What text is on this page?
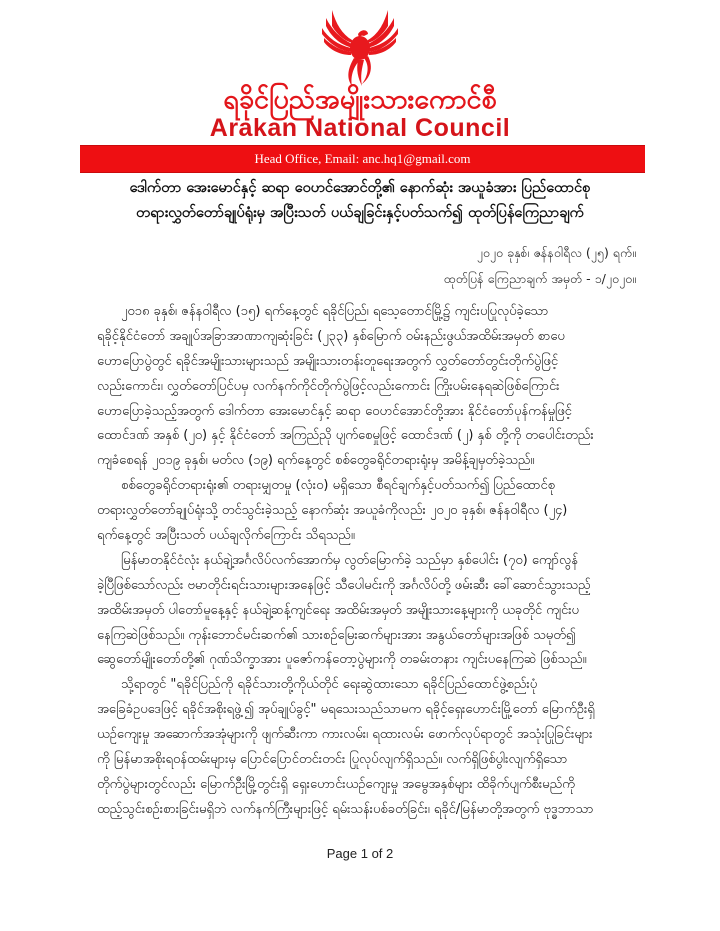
ရခိုင်ပြည်အမျိုးသားကောင်စီ
Arakan National Council
Head Office, Email: anc.hq1@gmail.com
ဒေါက်တာ အေးမောင်နှင့် ဆရာ ဝေဟင်အောင်တို့၏ နောက်ဆုံး အယူခံအား ပြည်ထောင်စု
တရားလွှတ်တော်ချုပ်ရုံးမှ အပြီးသတ် ပယ်ချခြင်းနှင့်ပတ်သက်၍ ထုတ်ပြန်ကြေညာချက်
၂၀၂၀ ခုနှစ်၊ ဇန်နဝါရီလ (၂၅) ရက်။
ထုတ်ပြန် ကြေညာချက် အမှတ် - ၁/၂၀၂၀။
၂၀၁၈ ခုနှစ်၊ ဇန်နဝါရီလ (၁၅) ရက်နေ့တွင် ရခိုင်ပြည်၊ ရသေ့တောင်မြို့၌ ကျင်းပပြုလုပ်ခဲ့သော
ရခိုင့်နိုင်ငံတော် အချုပ်အခြာအာဏာကျဆုံးခြင်း (၂၃၃) နှစ်မြောက် ဝမ်းနည်းဖွယ်အထိမ်းအမှတ် စာပေ
ဟောပြောပွဲတွင် ရခိုင်အမျိုးသားများသည် အမျိုးသားတန်းတူရေးအတွက် လွှတ်တော်တွင်းတိုက်ပွဲဖြင့်
လည်းကောင်း၊ လွှတ်တော်ပြင်ပမှ လက်နက်ကိုင်တိုက်ပွဲဖြင့်လည်းကောင်း ကြိုးပမ်းနေရဆဲဖြစ်ကြောင်း
ဟောပြောခဲ့သည့်အတွက် ဒေါက်တာ အေးမောင်နှင့် ဆရာ ဝေဟင်အောင်တို့အား နိုင်ငံတော်ပုန်ကန်မှုဖြင့်
ထောင်ဒဏ် အနှစ် (၂၀) နှင့် နိုင်ငံတော် အကြည်ညို ပျက်စေမှုဖြင့် ထောင်ဒဏ် (၂) နှစ် တို့ကို တပေါင်းတည်း
ကျခံစေရန် ၂၀၁၉ ခုနှစ်၊ မတ်လ (၁၉) ရက်နေ့တွင် စစ်တွေခရိုင်တရားရုံးမှ အမိန့်ချမှတ်ခဲ့သည်။
စစ်တွေခရိုင်တရားရုံး၏ တရားမျှတမှု (လုံး၀) မရှိသော စီရင်ချက်နှင့်ပတ်သက်၍ ပြည်ထောင်စု
တရားလွှတ်တော်ချုပ်ရုံးသို့ တင်သွင်းခဲ့သည့် နောက်ဆုံး အယူခံကိုလည်း ၂၀၂၀ ခုနှစ်၊ ဇန်နဝါရီလ (၂၄)
ရက်နေ့တွင် အပြီးသတ် ပယ်ချလိုက်ကြောင်း သိရသည်။
မြန်မာတနိုင်ငံလုံး နယ်ချဲ့အင်္ဂလိပ်လက်အောက်မှ လွတ်မြောက်ခဲ့ သည်မှာ နှစ်ပေါင်း (၇၀) ကျော်လွန်
ခဲ့ပြီဖြစ်သော်လည်း ဗမာတိုင်းရင်းသားများအနေဖြင့် သီပေါမင်းကို အင်္ဂလိပ်တို့ ဖမ်းဆီး ခေါ်ဆောင်သွားသည့်
အထိမ်းအမှတ် ပါတော်မူနေ့နှင့် နယ်ချဲ့ဆန့်ကျင်ရေး အထိမ်းအမှတ် အမျိုးသားနေ့များကို ယခုတိုင် ကျင်းပ
နေကြဆဲဖြစ်သည်။ ကုန်းဘောင်မင်းဆက်၏ သားစဉ်မြေးဆက်များအား အနွယ်တော်များအဖြစ် သမုတ်၍
ဆွေတော်မျိုးတော်တို့၏ ဂုဏ်သိက္ခာအား ပူဇော်ကန်တော့ပွဲများကို တခမ်းတနား ကျင်းပနေကြဆဲ ဖြစ်သည်။
သို့ရာတွင် "ရခိုင်ပြည်ကို ရခိုင်သားတို့ကိုယ်တိုင် ရေးဆွဲထားသော ရခိုင်ပြည်ထောင်ဖွဲ့စည်းပုံ
အခြေခံဥပဒေဖြင့် ရခိုင်အစိုးရဖွဲ့၍ အုပ်ချုပ်ခွင့်" မရသေးသည်သာမက ရခိုင့်ရှေးဟောင်းမြို့တော် မြောက်ဦးရှိ
ယဉ်ကျေးမှု အဆောက်အအုံများကို ဖျက်ဆီးကာ ကားလမ်း၊ ရထားလမ်း ဖောက်လုပ်ရာတွင် အသုံးပြုခြင်းများ
ကို မြန်မာအစိုးရဝန်ထမ်းများမှ ပြောင်ပြောင်တင်းတင်း ပြုလုပ်လျက်ရှိသည်။ လက်ရှိဖြစ်ပွါးလျက်ရှိသော
တိုက်ပွဲများတွင်လည်း မြောက်ဦးမြို့တွင်းရှိ ရှေးဟောင်းယဉ်ကျေးမှု အမွေအနှစ်များ ထိခိုက်ပျက်စီးမည်ကို
ထည့်သွင်းစဉ်းစားခြင်းမရှိဘဲ လက်နက်ကြီးများဖြင့် ရမ်းသန်းပစ်ခတ်ခြင်း၊ ရခိုင်/မြန်မာတို့အတွက် ဗုဒ္ဓဘာသာ
Page 1 of 2
